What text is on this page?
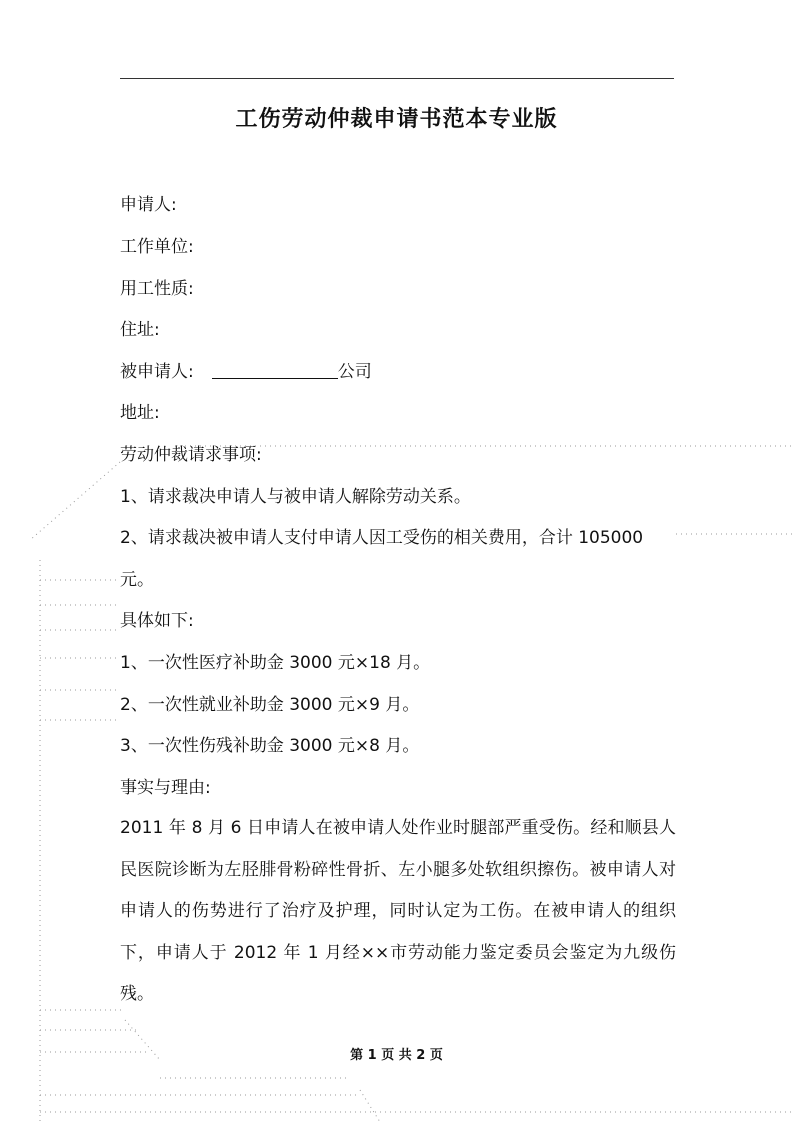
工伤劳动仲裁申请书范本专业版
申请人:
工作单位:
用工性质:
住址:
被申请人:	公司
地址:
劳动仲裁请求事项:
1、请求裁决申请人与被申请人解除劳动关系。
2、请求裁决被申请人支付申请人因工受伤的相关费用，合计 105000
元。
具体如下:
1、一次性医疗补助金 3000 元×18 月。
2、一次性就业补助金 3000 元×9 月。
3、一次性伤残补助金 3000 元×8 月。
事实与理由:
2011 年 8 月 6 日申请人在被申请人处作业时腿部严重受伤。经和顺县人民医院诊断为左胫腓骨粉碎性骨折、左小腿多处软组织擦伤。被申请人对申请人的伤势进行了治疗及护理，同时认定为工伤。在被申请人的组织下，申请人于 2012 年 1 月经××市劳动能力鉴定委员会鉴定为九级伤残。
第 1 页 共 2 页
